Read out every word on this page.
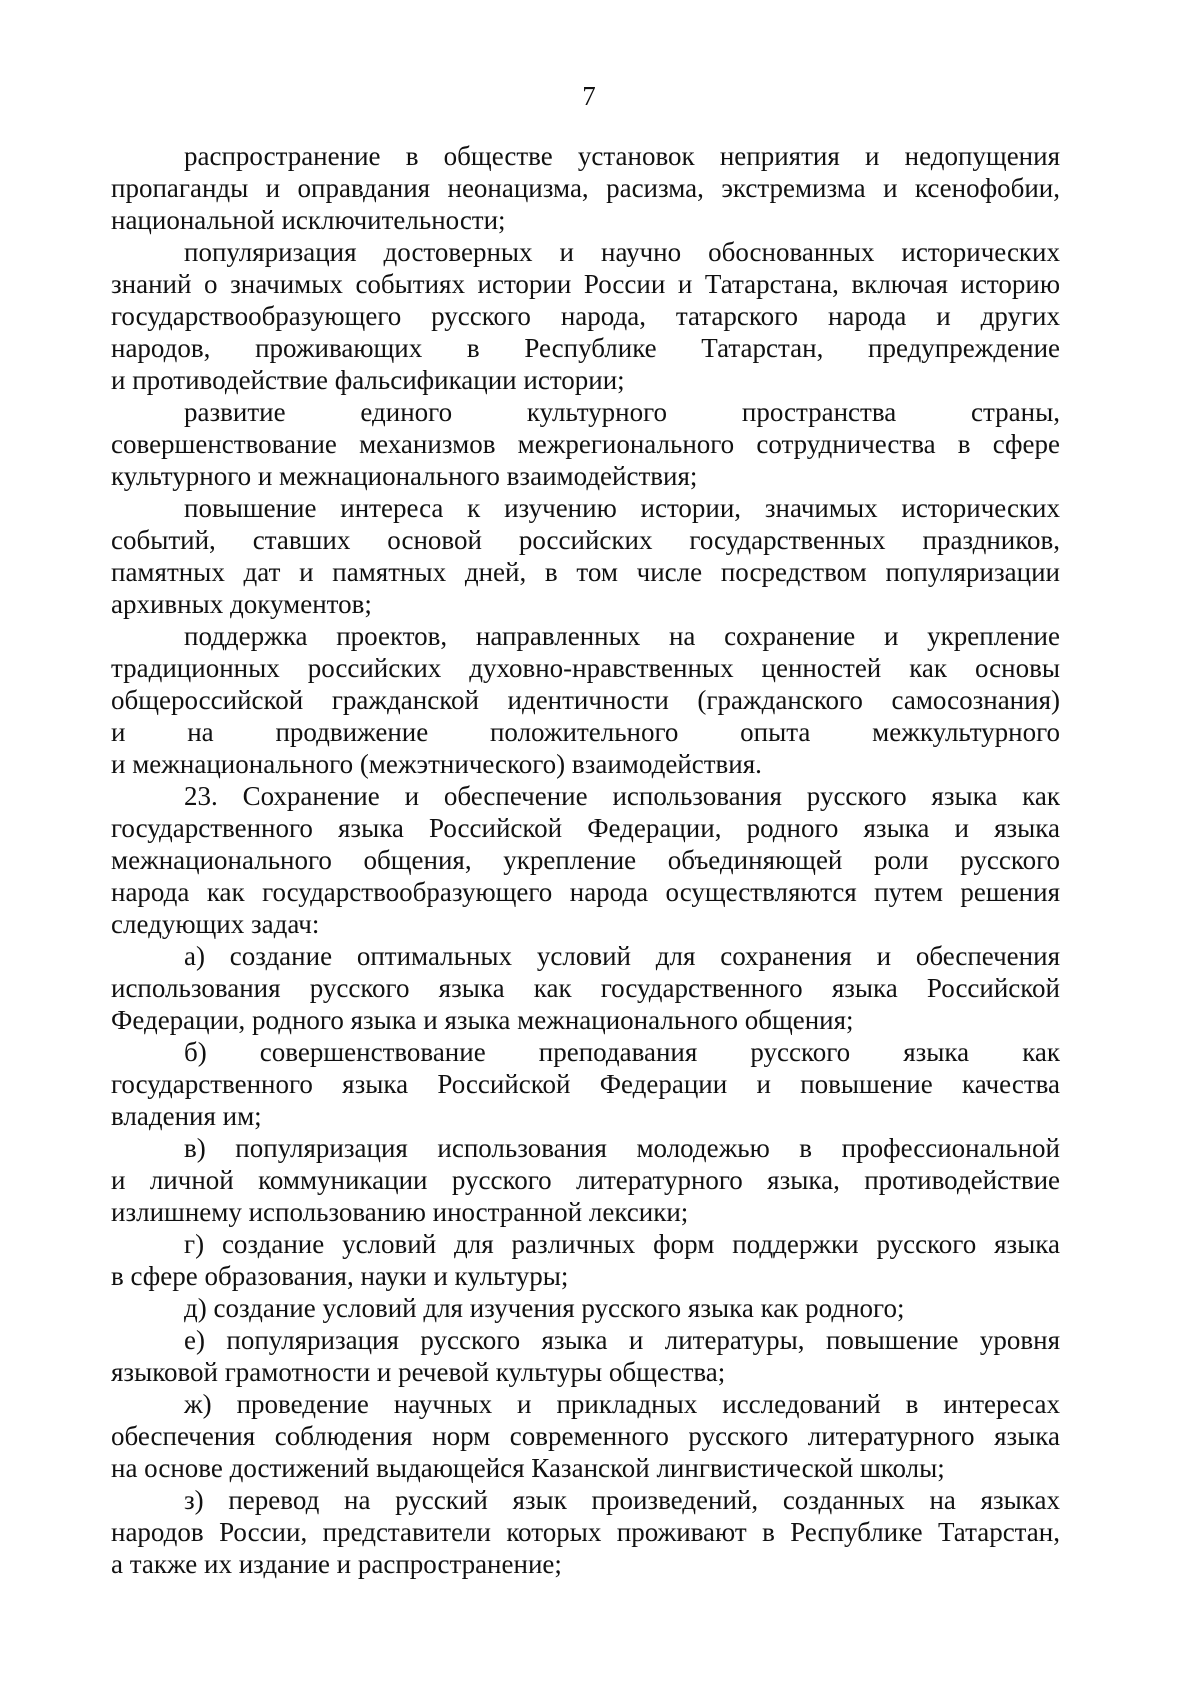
7

распространение в обществе установок неприятия и недопущения
пропаганды и оправдания неонацизма, расизма, экстремизма и ксенофобии,
национальной исключительности;

популяризация достоверных и научно обоснованных исторических
знаний о значимых событиях истории России и Татарстана, включая историю
государствообразующего русского народа, татарского народа и других
народов, проживающих в Республике Татарстан, предупреждение
и противодействие фальсификации истории;

развитие единого культурного пространства страны,
совершенствование механизмов межрегионального сотрудничества в сфере
культурного и межнационального взаимодействия;

повышение интереса к изучению истории, значимых исторических
событий, ставших основой российских государственных праздников,
памятных дат и памятных дней, в том числе посредством популяризации
архивных документов;

поддержка проектов, направленных на сохранение и укрепление
традиционных российских духовно-нравственных ценностей как основы
общероссийской гражданской идентичности (гражданского самосознания)
и на продвижение положительного опыта межкультурного
и межнационального (межэтнического) взаимодействия.

23. Сохранение и обеспечение использования русского языка как
государственного языка Российской Федерации, родного языка и языка
межнационального общения, укрепление объединяющей роли русского
народа как государствообразующего народа осуществляются путем решения
следующих задач:

а) создание оптимальных условий для сохранения и обеспечения
использования русского языка как государственного языка Российской
Федерации, родного языка и языка межнационального общения;

б) совершенствование преподавания русского языка как
государственного языка Российской Федерации и повышение качества
владения им;

в) популяризация использования молодежью в профессиональной
и личной коммуникации русского литературного языка, противодействие
излишнему использованию иностранной лексики;

г) создание условий для различных форм поддержки русского языка
в сфере образования, науки и культуры;

д) создание условий для изучения русского языка как родного;

е) популяризация русского языка и литературы, повышение уровня
языковой грамотности и речевой культуры общества;

ж) проведение научных и прикладных исследований в интересах
обеспечения соблюдения норм современного русского литературного языка
на основе достижений выдающейся Казанской лингвистической школы;

з) перевод на русский язык произведений, созданных на языках
народов России, представители которых проживают в Республике Татарстан,
а также их издание и распространение;
